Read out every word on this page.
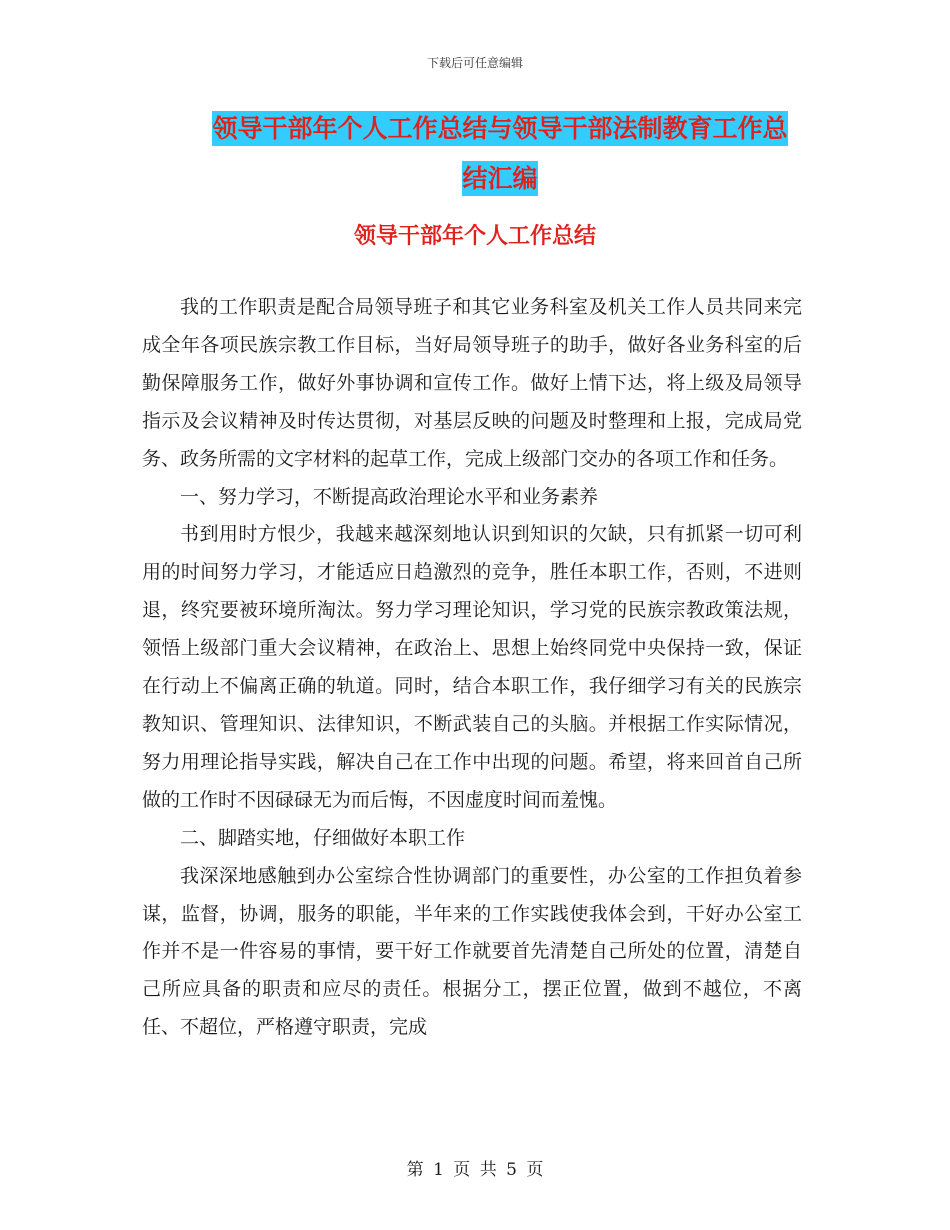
下载后可任意编辑
领导干部年个人工作总结与领导干部法制教育工作总
结汇编
领导干部年个人工作总结

我的工作职责是配合局领导班子和其它业务科室及机关工作人员共同来完成全年各项民族宗教工作目标，当好局领导班子的助手，做好各业务科室的后勤保障服务工作，做好外事协调和宣传工作。做好上情下达，将上级及局领导指示及会议精神及时传达贯彻，对基层反映的问题及时整理和上报，完成局党务、政务所需的文字材料的起草工作，完成上级部门交办的各项工作和任务。

一、努力学习，不断提高政治理论水平和业务素养

书到用时方恨少，我越来越深刻地认识到知识的欠缺，只有抓紧一切可利用的时间努力学习，才能适应日趋激烈的竞争，胜任本职工作，否则，不进则退，终究要被环境所淘汰。努力学习理论知识，学习党的民族宗教政策法规，领悟上级部门重大会议精神，在政治上、思想上始终同党中央保持一致，保证在行动上不偏离正确的轨道。同时，结合本职工作，我仔细学习有关的民族宗教知识、管理知识、法律知识，不断武装自己的头脑。并根据工作实际情况，努力用理论指导实践，解决自己在工作中出现的问题。希望，将来回首自己所做的工作时不因碌碌无为而后悔，不因虚度时间而羞愧。

二、脚踏实地，仔细做好本职工作

我深深地感触到办公室综合性协调部门的重要性，办公室的工作担负着参谋，监督，协调，服务的职能，半年来的工作实践使我体会到，干好办公室工作并不是一件容易的事情，要干好工作就要首先清楚自己所处的位置，清楚自己所应具备的职责和应尽的责任。根据分工，摆正位置，做到不越位，不离任、不超位，严格遵守职责，完成

第 1 页 共 5 页
